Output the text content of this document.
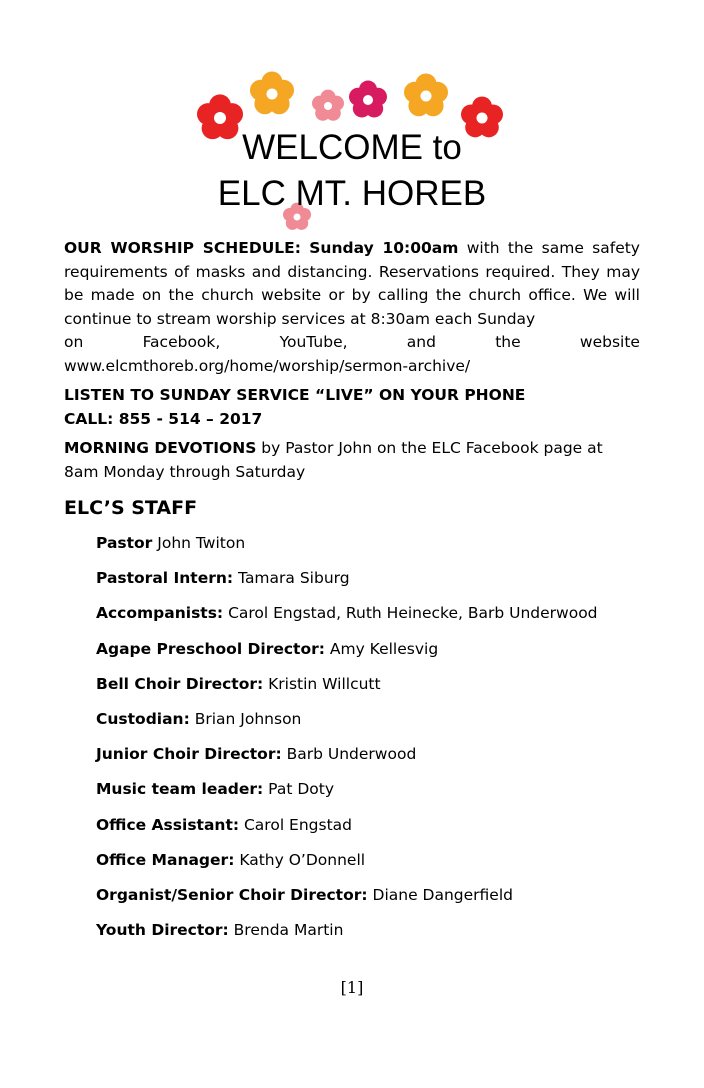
WELCOME to
ELC MT. HOREB
OUR WORSHIP SCHEDULE: Sunday 10:00am with the same safety requirements of masks and distancing. Reservations required. They may be made on the church website or by calling the church office. We will continue to stream worship services at 8:30am each Sunday
on	Facebook,	YouTube,	and	the	website
www.elcmthoreb.org/home/worship/sermon-archive/
LISTEN TO SUNDAY SERVICE “LIVE” ON YOUR PHONE
CALL: 855 - 514 – 2017
MORNING DEVOTIONS by Pastor John on the ELC Facebook page at 8am Monday through Saturday
ELC’S STAFF
Pastor John Twiton
Pastoral Intern: Tamara Siburg
Accompanists: Carol Engstad, Ruth Heinecke, Barb Underwood
Agape Preschool Director: Amy Kellesvig
Bell Choir Director: Kristin Willcutt
Custodian: Brian Johnson
Junior Choir Director: Barb Underwood
Music team leader: Pat Doty
Office Assistant: Carol Engstad
Office Manager: Kathy O’Donnell
Organist/Senior Choir Director: Diane Dangerfield
Youth Director: Brenda Martin
[1]
